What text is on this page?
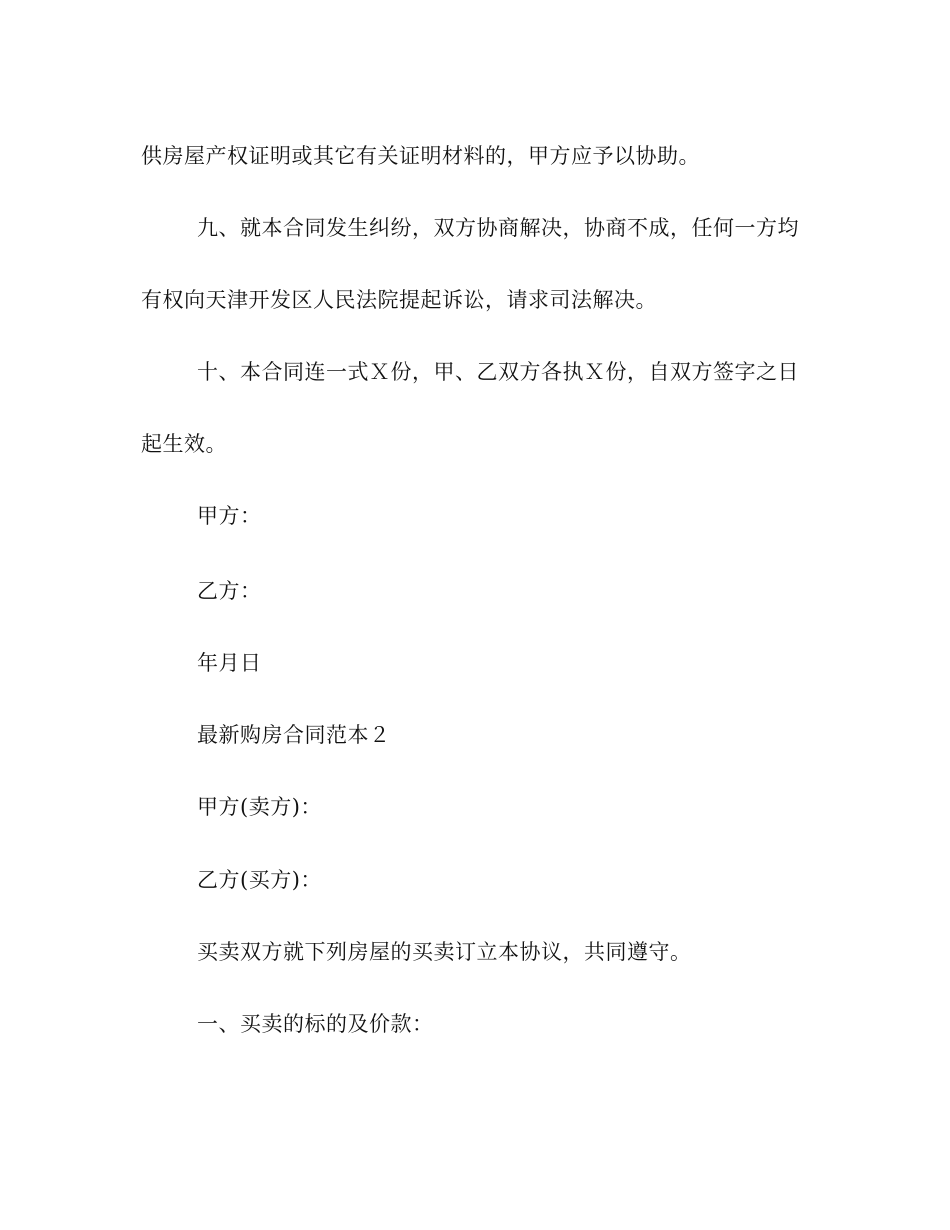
供房屋产权证明或其它有关证明材料的，甲方应予以协助。
九、就本合同发生纠纷，双方协商解决，协商不成，任何一方均
有权向天津开发区人民法院提起诉讼，请求司法解决。
十、本合同连一式Ｘ份，甲、乙双方各执Ｘ份，自双方签字之日
起生效。
甲方：
乙方：
年月日
最新购房合同范本２
甲方(卖方)：
乙方(买方)：
买卖双方就下列房屋的买卖订立本协议，共同遵守。
一、买卖的标的及价款：
